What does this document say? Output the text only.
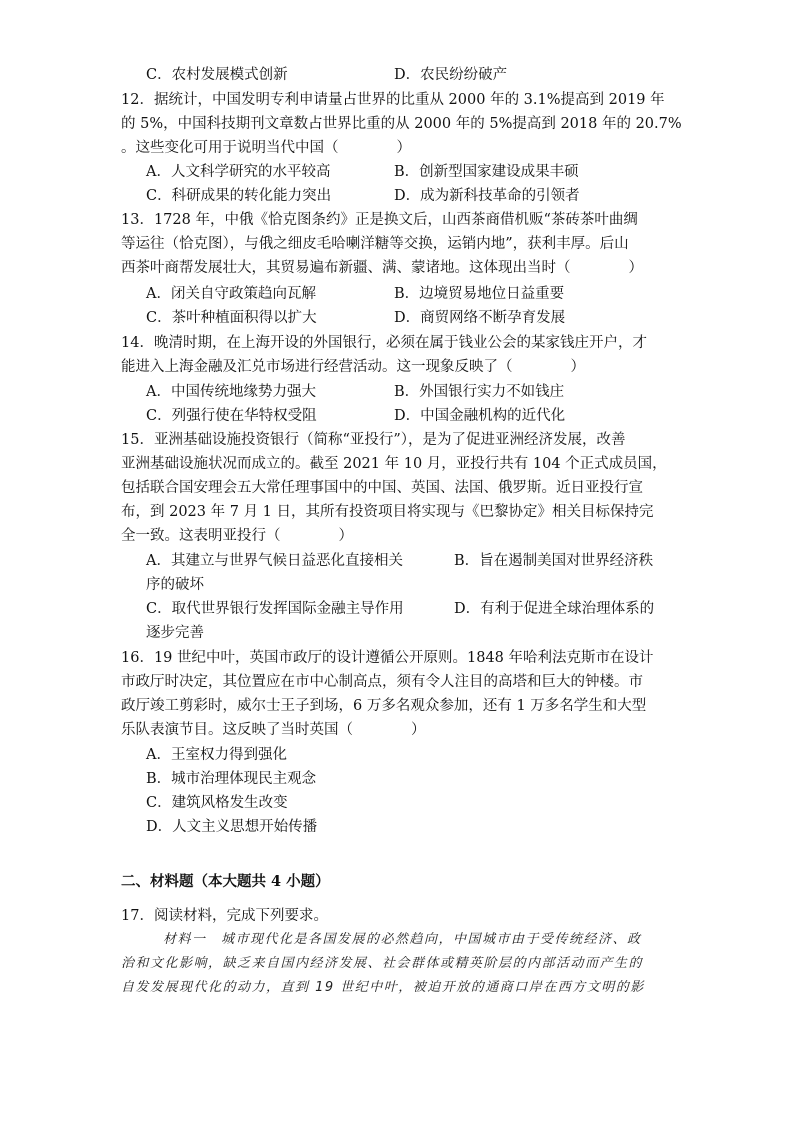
C．农村发展模式创新	D．农民纷纷破产
12．据统计，中国发明专利申请量占世界的比重从 2000 年的 3.1%提高到 2019 年
的 5%，中国科技期刊文章数占世界比重的从 2000 年的 5%提高到 2018 年的 20.7%
。这些变化可用于说明当代中国（　　　　）
A．人文科学研究的水平较高	B．创新型国家建设成果丰硕
C．科研成果的转化能力突出	D．成为新科技革命的引领者
13．1728 年，中俄《恰克图条约》正是换文后，山西茶商借机贩“茶砖茶叶曲绸
等运往（恰克图），与俄之细皮毛哈喇洋糖等交换，运销内地”，获利丰厚。后山
西茶叶商帮发展壮大，其贸易遍布新疆、满、蒙诸地。这体现出当时（　　　　）
A．闭关自守政策趋向瓦解	B．边境贸易地位日益重要
C．茶叶种植面积得以扩大	D．商贸网络不断孕育发展
14．晚清时期，在上海开设的外国银行，必须在属于钱业公会的某家钱庄开户，才
能进入上海金融及汇兑市场进行经营活动。这一现象反映了（　　　　）
A．中国传统地缘势力强大	B．外国银行实力不如钱庄
C．列强行使在华特权受阻	D．中国金融机构的近代化
15．亚洲基础设施投资银行（简称“亚投行”），是为了促进亚洲经济发展，改善
亚洲基础设施状况而成立的。截至 2021 年 10 月，亚投行共有 104 个正式成员国，
包括联合国安理会五大常任理事国中的中国、英国、法国、俄罗斯。近日亚投行宣
布，到 2023 年 7 月 1 日，其所有投资项目将实现与《巴黎协定》相关目标保持完
全一致。这表明亚投行（　　　　）
A．其建立与世界气候日益恶化直接相关	B．旨在遏制美国对世界经济秩
序的破坏
C．取代世界银行发挥国际金融主导作用	D．有利于促进全球治理体系的
逐步完善
16．19 世纪中叶，英国市政厅的设计遵循公开原则。1848 年哈利法克斯市在设计
市政厅时决定，其位置应在市中心制高点，须有令人注目的高塔和巨大的钟楼。市
政厅竣工剪彩时，威尔士王子到场，6 万多名观众参加，还有 1 万多名学生和大型
乐队表演节目。这反映了当时英国（　　　　）
A．王室权力得到强化
B．城市治理体现民主观念
C．建筑风格发生改变
D．人文主义思想开始传播
二、材料题（本大题共 4 小题）
17．阅读材料，完成下列要求。
材料一　城市现代化是各国发展的必然趋向，中国城市由于受传统经济、政
治和文化影响，缺乏来自国内经济发展、社会群体或精英阶层的内部活动而产生的
自发发展现代化的动力，直到 19 世纪中叶，被迫开放的通商口岸在西方文明的影
